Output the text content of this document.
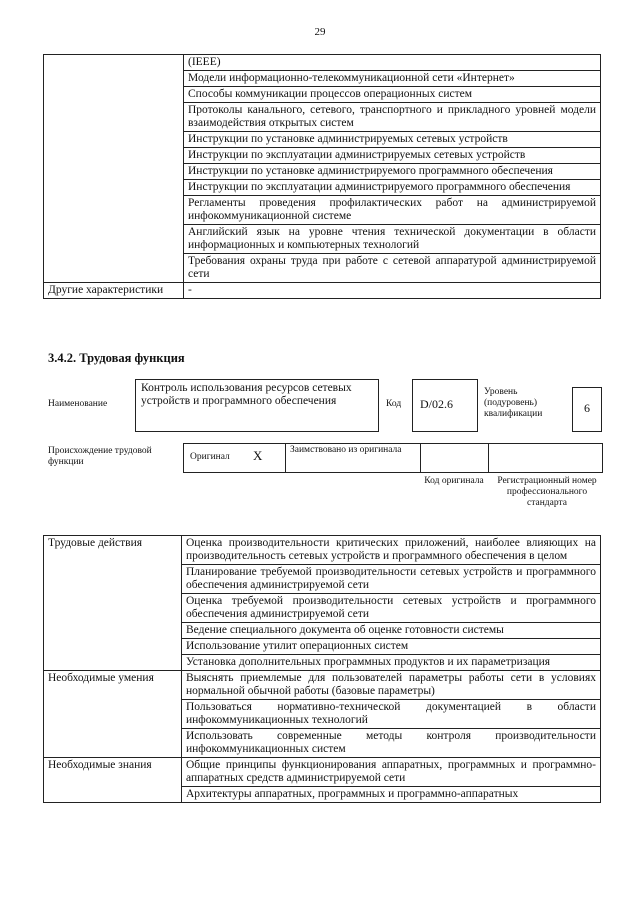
29
	(IEEE)
	Модели информационно-телекоммуникационной сети «Интернет»
	Способы коммуникации процессов операционных систем
	Протоколы канального, сетевого, транспортного и прикладного уровней модели взаимодействия открытых систем
	Инструкции по установке администрируемых сетевых устройств
	Инструкции по эксплуатации администрируемых сетевых устройств
	Инструкции по установке администрируемого программного обеспечения
	Инструкции по эксплуатации администрируемого программного обеспечения
	Регламенты проведения профилактических работ на администрируемой инфокоммуникационной системе
	Английский язык на уровне чтения технической документации в области информационных и компьютерных технологий
	Требования охраны труда при работе с сетевой аппаратурой администрируемой сети
Другие характеристики	-
3.4.2. Трудовая функция
Наименование
Контроль использования ресурсов сетевых устройств и программного обеспечения	Код D/02.6
Уровень (подуровень) квалификации	6
Происхождение трудовой функции	Оригинал X	Заимствовано из оригинала
Код оригинала	Регистрационный номер профессионального стандарта
Трудовые действия	Оценка производительности критических приложений, наиболее влияющих на производительность сетевых устройств и программного обеспечения в целом
	Планирование требуемой производительности сетевых устройств и программного обеспечения администрируемой сети
	Оценка требуемой производительности сетевых устройств и программного обеспечения администрируемой сети
	Ведение специального документа об оценке готовности системы
	Использование утилит операционных систем
	Установка дополнительных программных продуктов и их параметризация
Необходимые умения	Выяснять приемлемые для пользователей параметры работы сети в условиях нормальной обычной работы (базовые параметры)
	Пользоваться нормативно-технической документацией в области инфокоммуникационных технологий
	Использовать современные методы контроля производительности инфокоммуникационных систем
Необходимые знания	Общие принципы функционирования аппаратных, программных и программно-аппаратных средств администрируемой сети
	Архитектуры аппаратных, программных и программно-аппаратных
